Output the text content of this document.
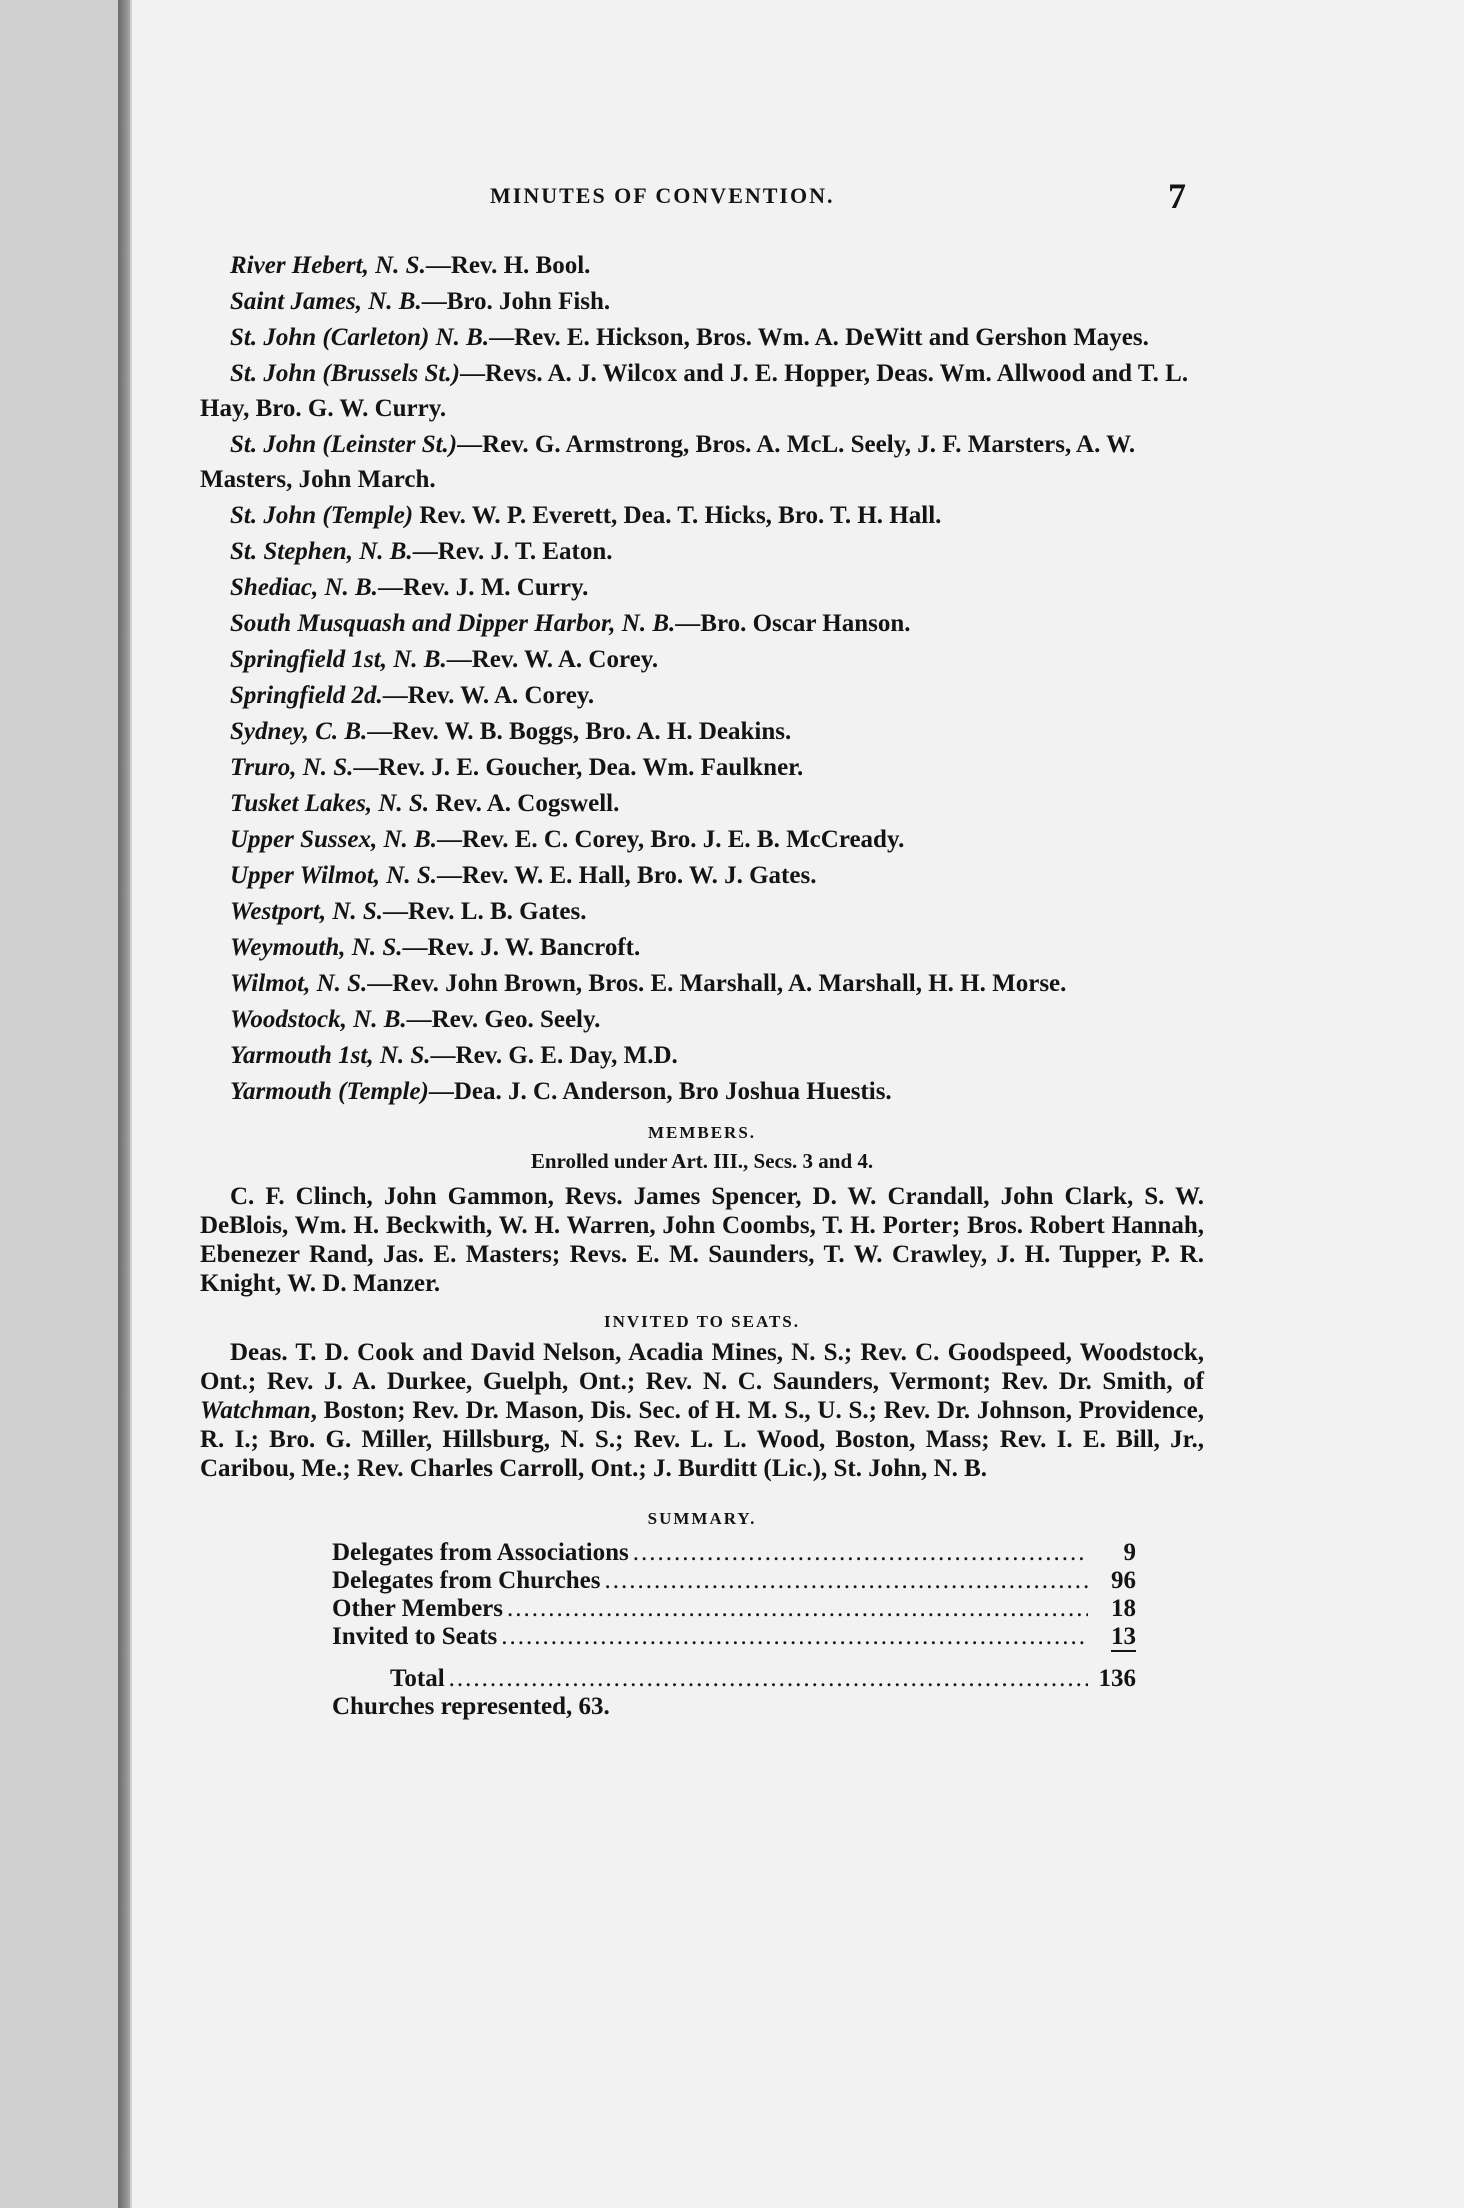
MINUTES OF CONVENTION.	7

River Hebert, N. S.—Rev. H. Bool.

Saint James, N. B.—Bro. John Fish.

St. John (Carleton) N. B.—Rev. E. Hickson, Bros. Wm. A. DeWitt and Gershon Mayes.

St. John (Brussels St.)—Revs. A. J. Wilcox and J. E. Hopper, Deas. Wm. Allwood and T. L. Hay, Bro. G. W. Curry.

St. John (Leinster St.)—Rev. G. Armstrong, Bros. A. McL. Seely, J. F. Marsters, A. W. Masters, John March.

St. John (Temple) Rev. W. P. Everett, Dea. T. Hicks, Bro. T. H. Hall.

St. Stephen, N. B.—Rev. J. T. Eaton.

Shediac, N. B.—Rev. J. M. Curry.

South Musquash and Dipper Harbor, N. B.—Bro. Oscar Hanson.

Springfield 1st, N. B.—Rev. W. A. Corey.

Springfield 2d.—Rev. W. A. Corey.

Sydney, C. B.—Rev. W. B. Boggs, Bro. A. H. Deakins.

Truro, N. S.—Rev. J. E. Goucher, Dea. Wm. Faulkner.

Tusket Lakes, N. S. Rev. A. Cogswell.

Upper Sussex, N. B.—Rev. E. C. Corey, Bro. J. E. B. McCready.

Upper Wilmot, N. S.—Rev. W. E. Hall, Bro. W. J. Gates.

Westport, N. S.—Rev. L. B. Gates.

Weymouth, N. S.—Rev. J. W. Bancroft.

Wilmot, N. S.—Rev. John Brown, Bros. E. Marshall, A. Marshall, H. H. Morse.

Woodstock, N. B.—Rev. Geo. Seely.

Yarmouth 1st, N. S.—Rev. G. E. Day, M.D.

Yarmouth (Temple)—Dea. J. C. Anderson, Bro Joshua Huestis.

MEMBERS.
Enrolled under Art. III., Secs. 3 and 4.

C. F. Clinch, John Gammon, Revs. James Spencer, D. W. Crandall, John Clark, S. W. DeBlois, Wm. H. Beckwith, W. H. Warren, John Coombs, T. H. Porter; Bros. Robert Hannah, Ebenezer Rand, Jas. E. Masters; Revs. E. M. Saunders, T. W. Crawley, J. H. Tupper, P. R. Knight, W. D. Manzer.

INVITED TO SEATS.

Deas. T. D. Cook and David Nelson, Acadia Mines, N. S.; Rev. C. Goodspeed, Woodstock, Ont.; Rev. J. A. Durkee, Guelph, Ont.; Rev. N. C. Saunders, Vermont; Rev. Dr. Smith, of Watchman, Boston; Rev. Dr. Mason, Dis. Sec. of H. M. S., U. S.; Rev. Dr. Johnson, Providence, R. I.; Bro. G. Miller, Hillsburg, N. S.; Rev. L. L. Wood, Boston, Mass; Rev. I. E. Bill, Jr., Caribou, Me.; Rev. Charles Carroll, Ont.; J. Burditt (Lic.), St. John, N. B.

SUMMARY.
Delegates from Associations .....	9
Delegates from Churches .....	96
Other Members .....	18
Invited to Seats .....	13
Total .....	136
Churches represented, 63.
